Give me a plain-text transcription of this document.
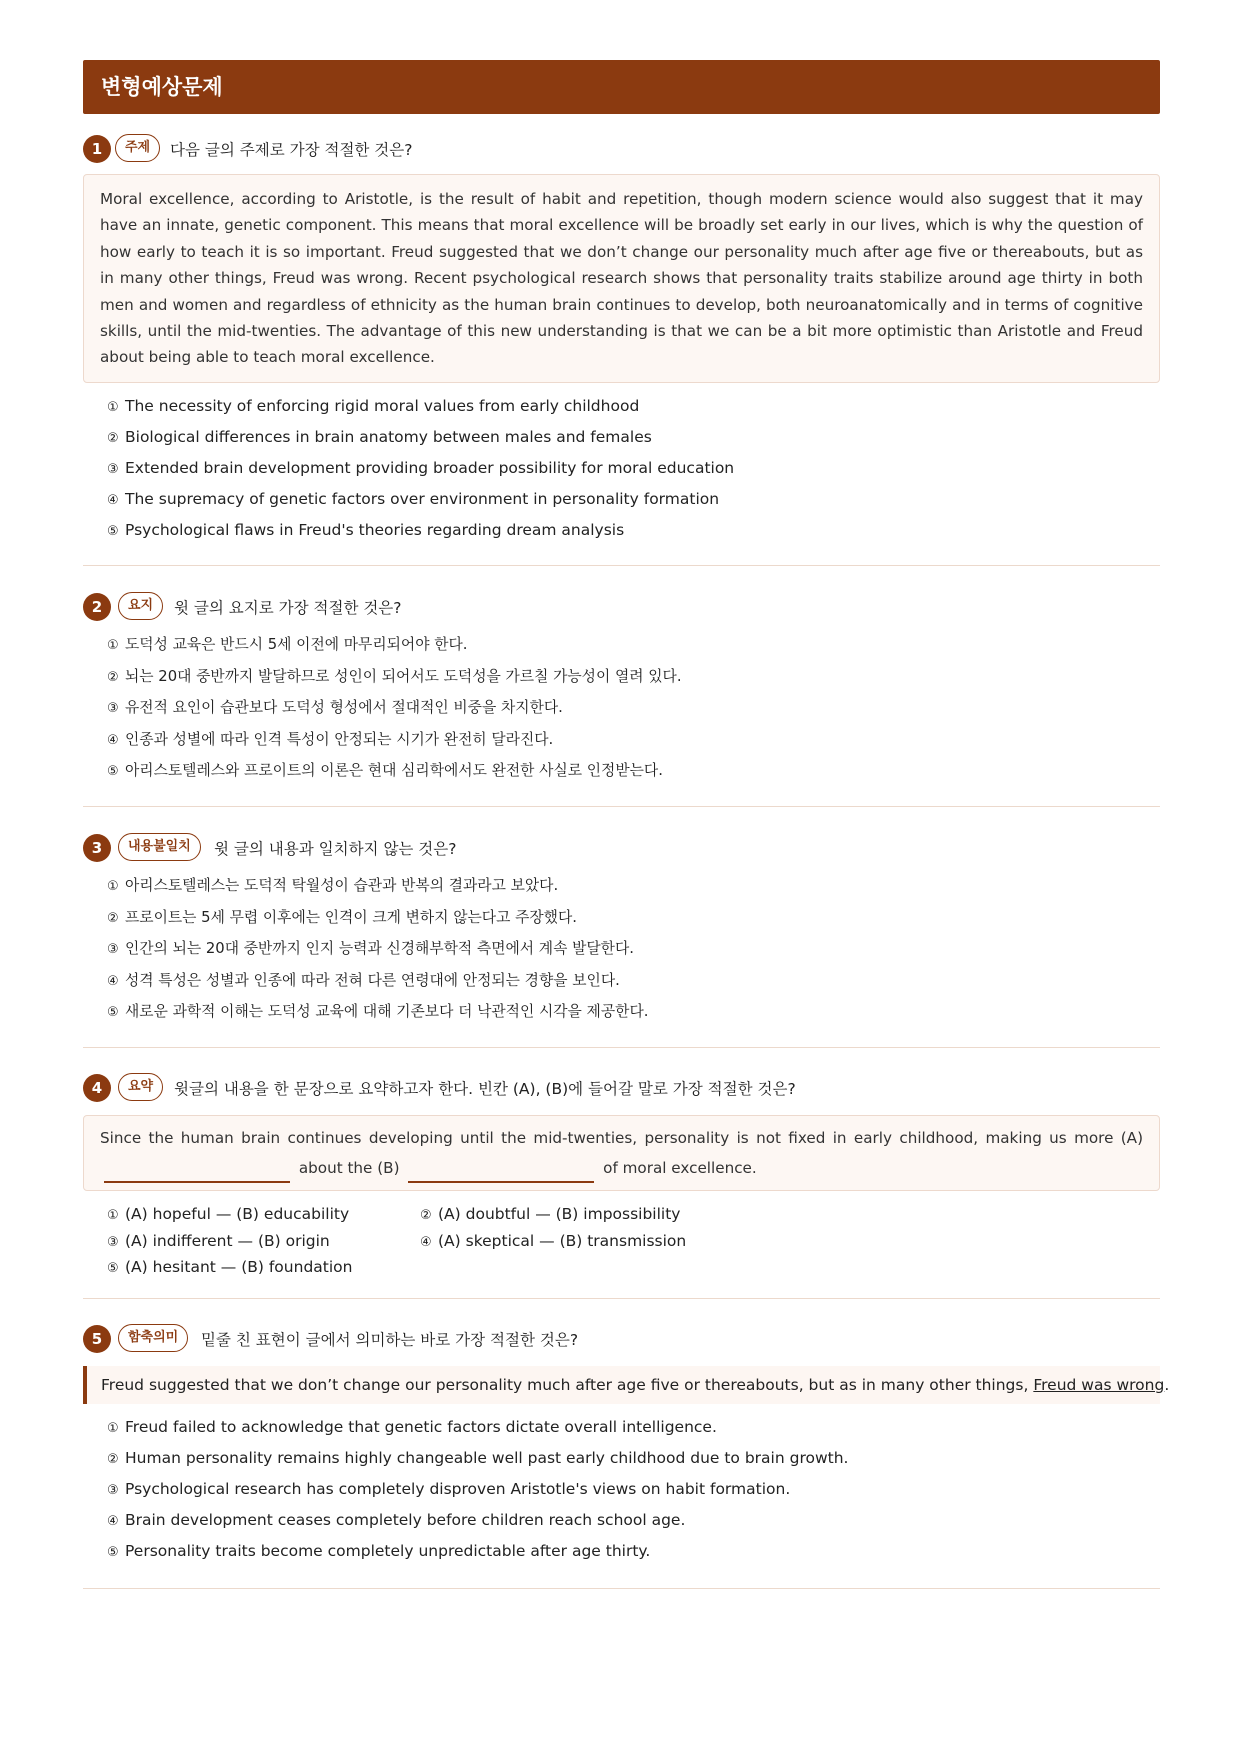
변형예상문제
1	주제	다음 글의 주제로 가장 적절한 것은?
Moral excellence, according to Aristotle, is the result of habit and repetition, though modern science would also suggest that it may have an innate, genetic component. This means that moral excellence will be broadly set early in our lives, which is why the question of how early to teach it is so important. Freud suggested that we don’t change our personality much after age five or thereabouts, but as in many other things, Freud was wrong. Recent psychological research shows that personality traits stabilize around age thirty in both men and women and regardless of ethnicity as the human brain continues to develop, both neuroanatomically and in terms of cognitive skills, until the mid-twenties. The advantage of this new understanding is that we can be a bit more optimistic than Aristotle and Freud about being able to teach moral excellence.
① The necessity of enforcing rigid moral values from early childhood
② Biological differences in brain anatomy between males and females
③ Extended brain development providing broader possibility for moral education
④ The supremacy of genetic factors over environment in personality formation
⑤ Psychological flaws in Freud's theories regarding dream analysis
2	요지	윗 글의 요지로 가장 적절한 것은?
① 도덕성 교육은 반드시 5세 이전에 마무리되어야 한다.
② 뇌는 20대 중반까지 발달하므로 성인이 되어서도 도덕성을 가르칠 가능성이 열려 있다.
③ 유전적 요인이 습관보다 도덕성 형성에서 절대적인 비중을 차지한다.
④ 인종과 성별에 따라 인격 특성이 안정되는 시기가 완전히 달라진다.
⑤ 아리스토텔레스와 프로이트의 이론은 현대 심리학에서도 완전한 사실로 인정받는다.
3	내용불일치	윗 글의 내용과 일치하지 않는 것은?
① 아리스토텔레스는 도덕적 탁월성이 습관과 반복의 결과라고 보았다.
② 프로이트는 5세 무렵 이후에는 인격이 크게 변하지 않는다고 주장했다.
③ 인간의 뇌는 20대 중반까지 인지 능력과 신경해부학적 측면에서 계속 발달한다.
④ 성격 특성은 성별과 인종에 따라 전혀 다른 연령대에 안정되는 경향을 보인다.
⑤ 새로운 과학적 이해는 도덕성 교육에 대해 기존보다 더 낙관적인 시각을 제공한다.
4	요약	윗글의 내용을 한 문장으로 요약하고자 한다. 빈칸 (A), (B)에 들어갈 말로 가장 적절한 것은?
Since the human brain continues developing until the mid-twenties, personality is not fixed in early childhood, making us more (A)  about the (B)	of moral excellence.
① (A) hopeful — (B) educability	② (A) doubtful — (B) impossibility
③ (A) indifferent — (B) origin	④ (A) skeptical — (B) transmission
⑤ (A) hesitant — (B) foundation
5	함축의미	밑줄 친 표현이 글에서 의미하는 바로 가장 적절한 것은?
Freud suggested that we don’t change our personality much after age five or thereabouts, but as in many other things, Freud was wrong.
① Freud failed to acknowledge that genetic factors dictate overall intelligence.
② Human personality remains highly changeable well past early childhood due to brain growth.
③ Psychological research has completely disproven Aristotle's views on habit formation.
④ Brain development ceases completely before children reach school age.
⑤ Personality traits become completely unpredictable after age thirty.
